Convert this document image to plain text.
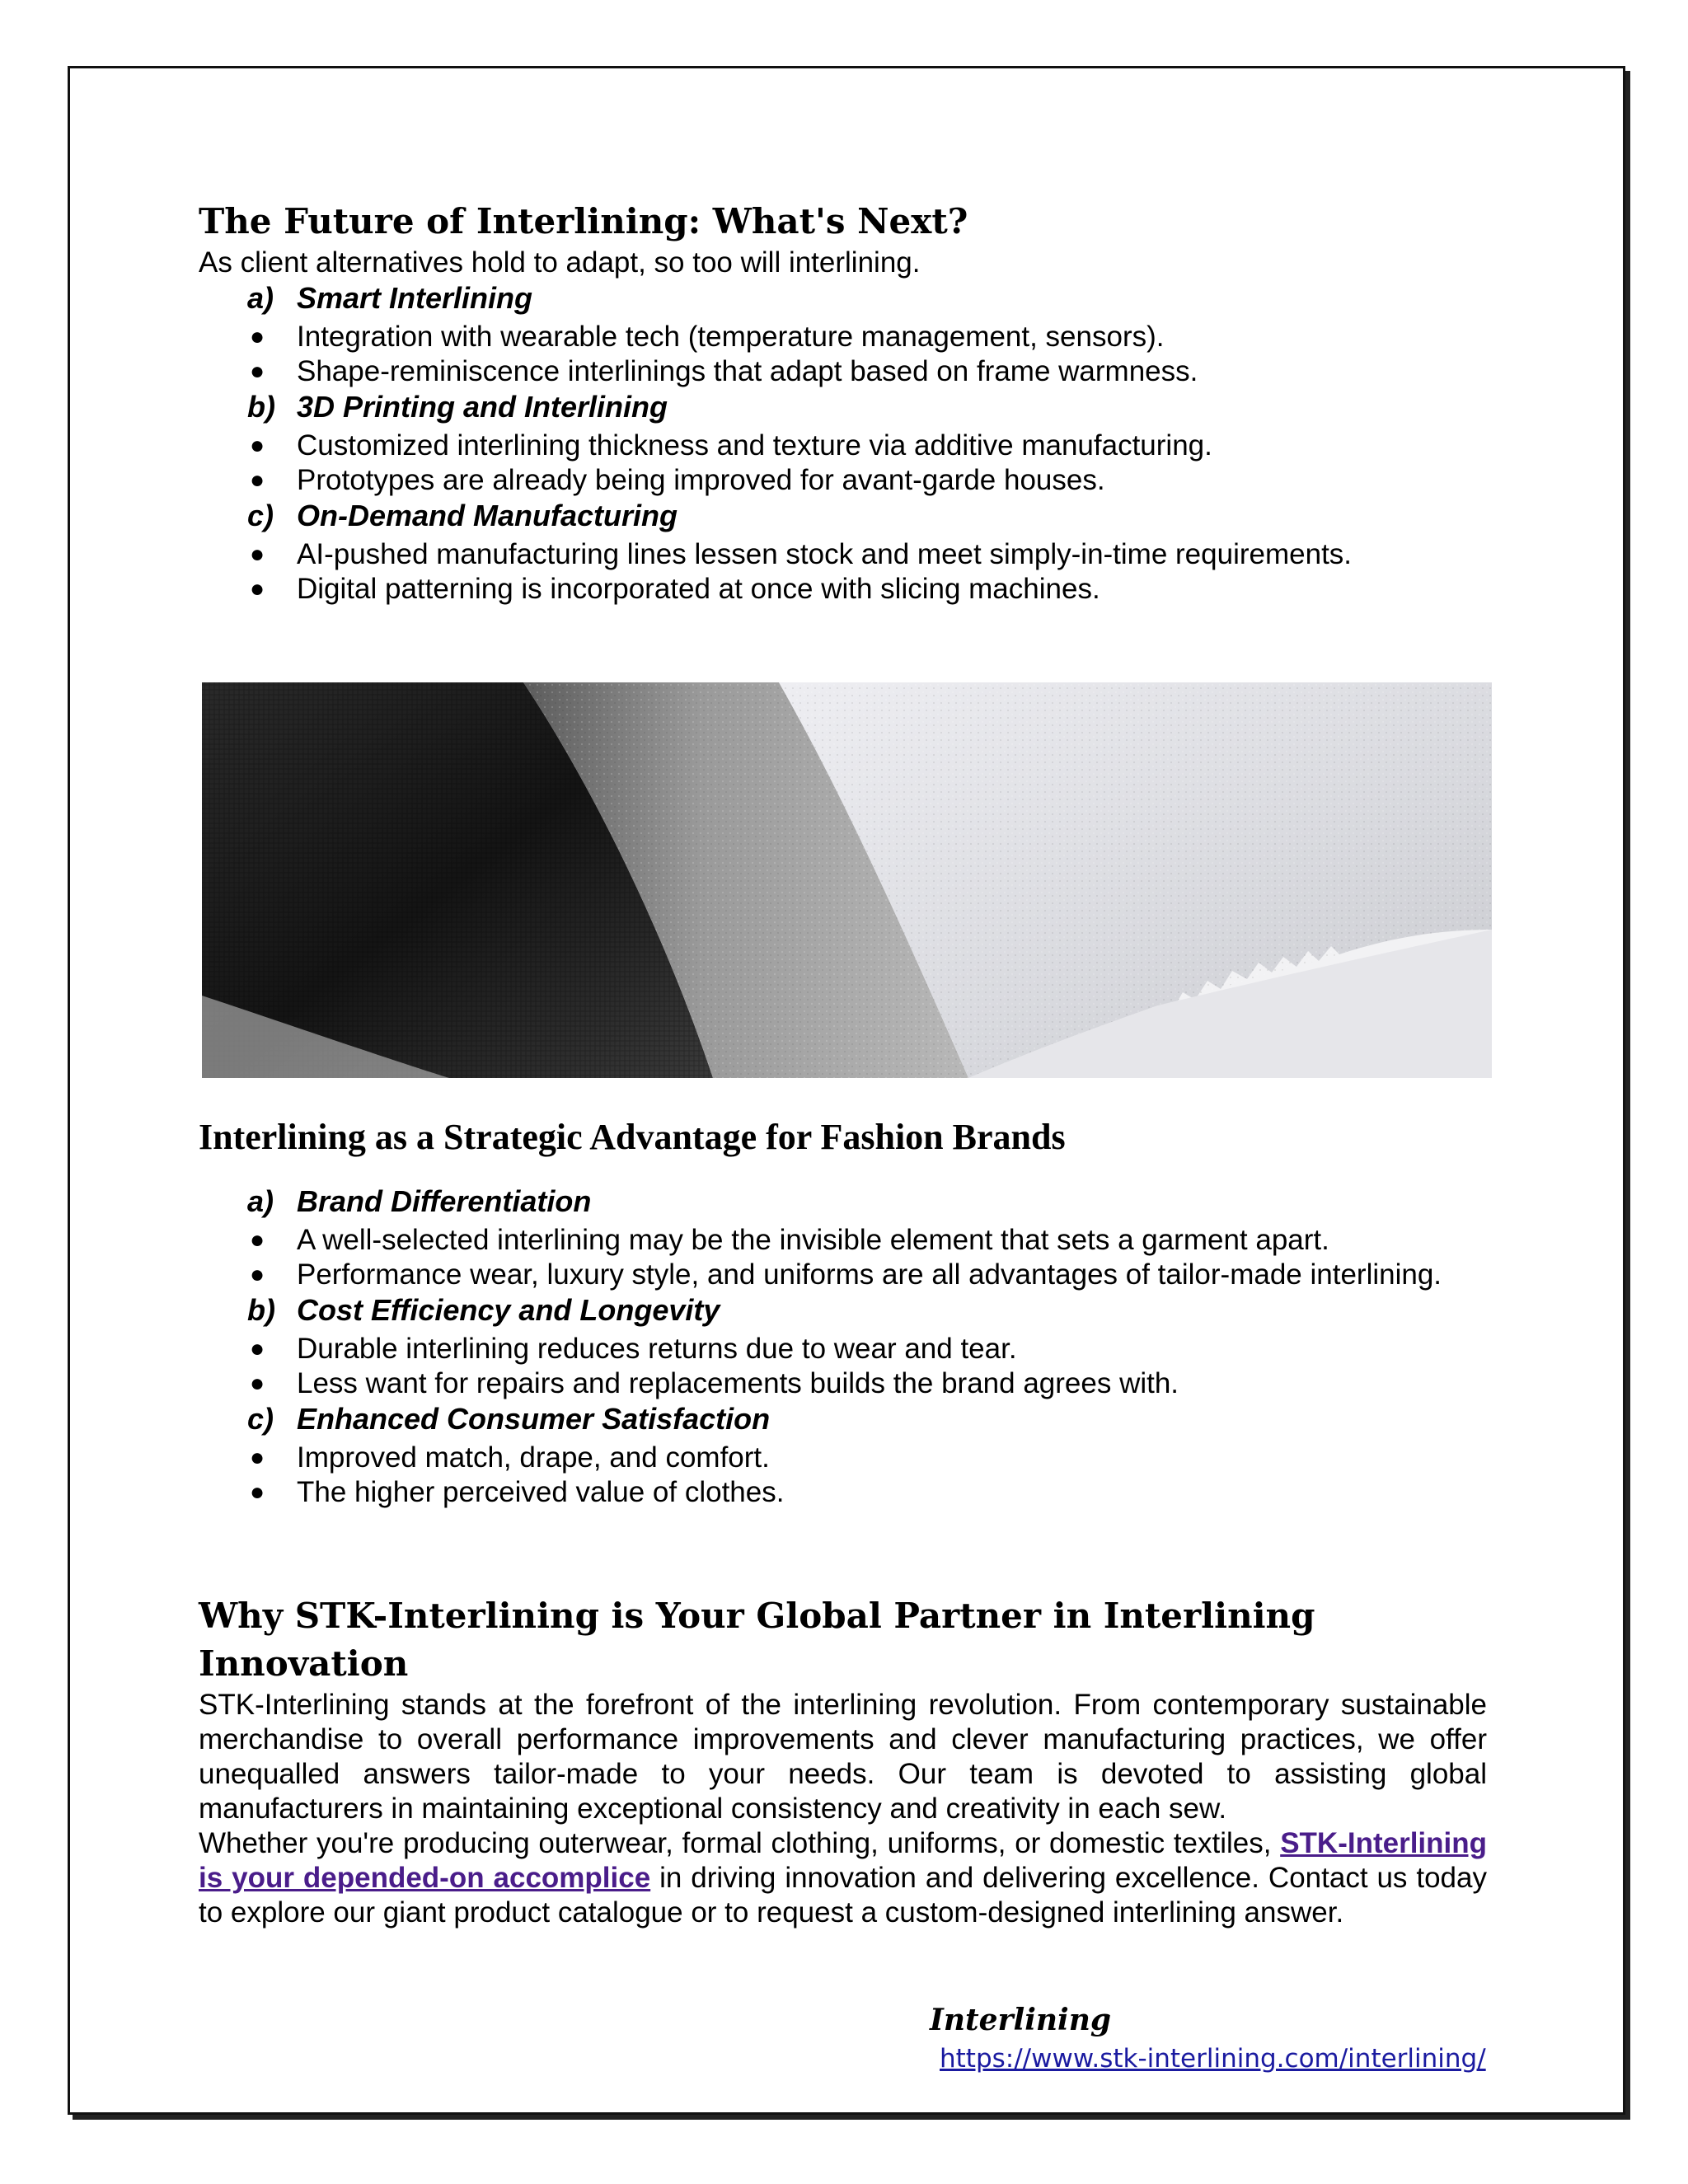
The Future of Interlining: What's Next?

As client alternatives hold to adapt, so too will interlining.

a) Smart Interlining

● Integration with wearable tech (temperature management, sensors).
● Shape-reminiscence interlinings that adapt based on frame warmness.

b) 3D Printing and Interlining

● Customized interlining thickness and texture via additive manufacturing.
● Prototypes are already being improved for avant-garde houses.

c) On-Demand Manufacturing

● AI-pushed manufacturing lines lessen stock and meet simply-in-time requirements.
● Digital patterning is incorporated at once with slicing machines.
Interlining as a Strategic Advantage for Fashion Brands

a) Brand Differentiation

● A well-selected interlining may be the invisible element that sets a garment apart.
● Performance wear, luxury style, and uniforms are all advantages of tailor-made interlining.

b) Cost Efficiency and Longevity

● Durable interlining reduces returns due to wear and tear.
● Less want for repairs and replacements builds the brand agrees with.

c) Enhanced Consumer Satisfaction

● Improved match, drape, and comfort.
● The higher perceived value of clothes.
Why STK-Interlining is Your Global Partner in Interlining Innovation

STK-Interlining stands at the forefront of the interlining revolution. From contemporary sustainable merchandise to overall performance improvements and clever manufacturing practices, we offer unequalled answers tailor-made to your needs. Our team is devoted to assisting global manufacturers in maintaining exceptional consistency and creativity in each sew.

Whether you're producing outerwear, formal clothing, uniforms, or domestic textiles, STK-Interlining is your depended-on accomplice in driving innovation and delivering excellence. Contact us today to explore our giant product catalogue or to request a custom-designed interlining answer.

Interlining
https://www.stk-interlining.com/interlining/
